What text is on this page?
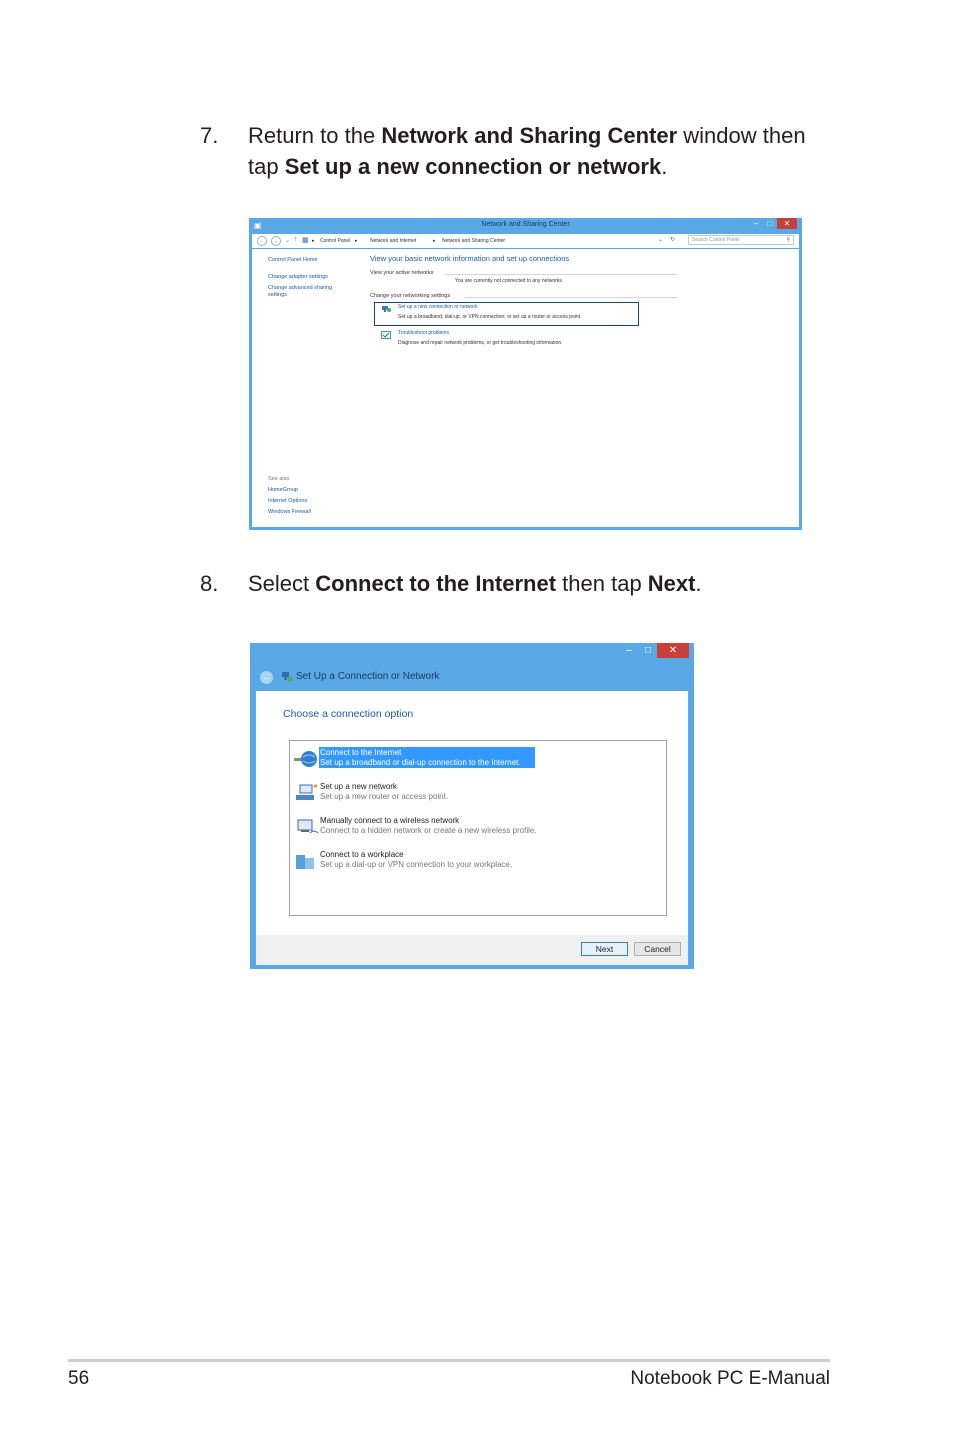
7. Return to the Network and Sharing Center window then tap Set up a new connection or network.
▣	Network and Sharing Center	–	□	✕
←	→	⌄ ↑ ▦ ▸ Control Panel ▸ Network and Internet	▸ Network and Sharing Center	⌄ ↻	Search Control Panel	⚲
Control Panel Home
Change adapter settings
Change advanced sharing
settings
See also
HomeGroup
Internet Options
Windows Firewall
View your basic network information and set up connections
View your active networks
You are currently not connected to any networks.
Change your networking settings
Set up a new connection or network
Set up a broadband, dial-up, or VPN connection; or set up a router or access point.
Troubleshoot problems
Diagnose and repair network problems, or get troubleshooting information.
8. Select Connect to the Internet then tap Next.
–	□	✕
←	Set Up a Connection or Network
Choose a connection option
Connect to the Internet
Set up a broadband or dial-up connection to the Internet.
Set up a new network
Set up a new router or access point.
Manually connect to a wireless network
Connect to a hidden network or create a new wireless profile.
Connect to a workplace
Set up a dial-up or VPN connection to your workplace.
Next	Cancel
56	Notebook PC E-Manual
